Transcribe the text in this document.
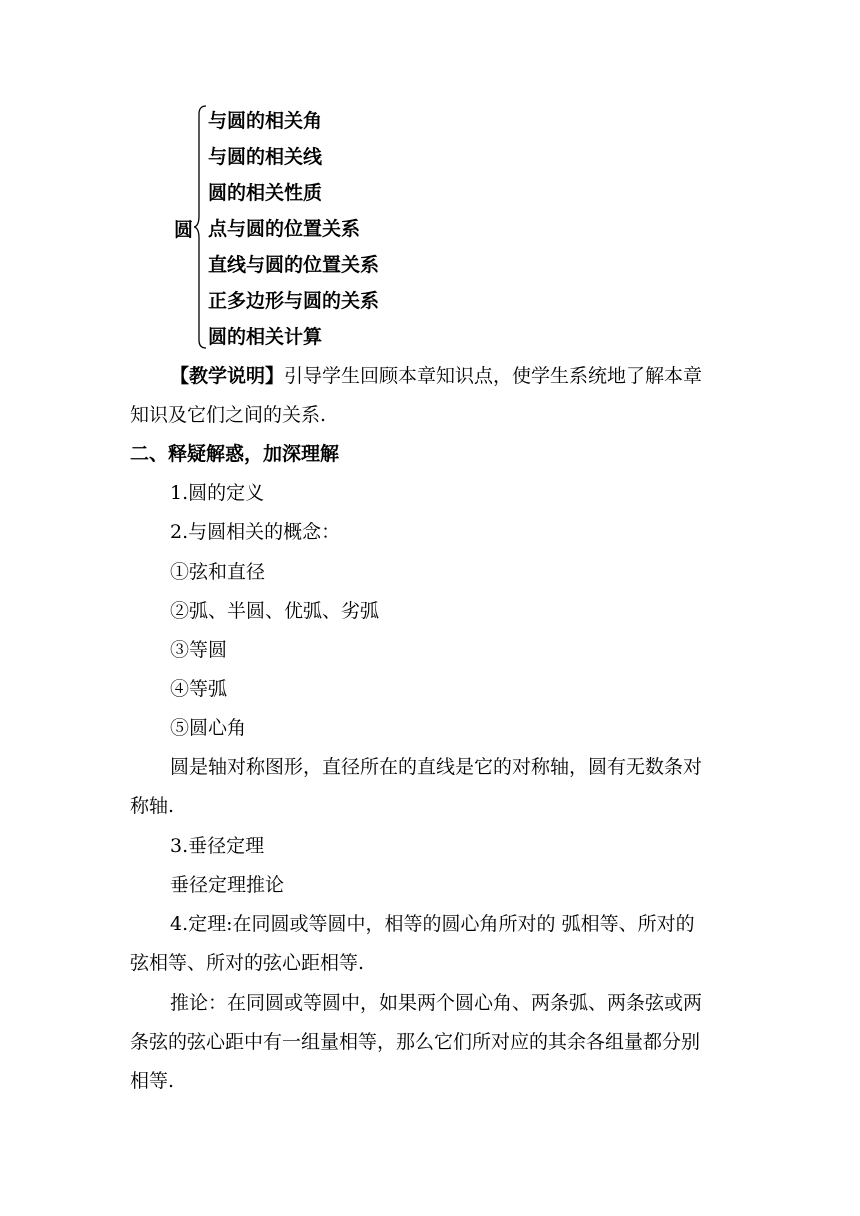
圆
与圆的相关角
与圆的相关线
圆的相关性质
点与圆的位置关系
直线与圆的位置关系
正多边形与圆的关系
圆的相关计算
【教学说明】引导学生回顾本章知识点，使学生系统地了解本章
知识及它们之间的关系.
二、释疑解惑，加深理解
1.圆的定义
2.与圆相关的概念：
①弦和直径
②弧、半圆、优弧、劣弧
③等圆
④等弧
⑤圆心角
圆是轴对称图形，直径所在的直线是它的对称轴，圆有无数条对
称轴.
3.垂径定理
垂径定理推论
4.定理:在同圆或等圆中，相等的圆心角所对的 弧相等、所对的
弦相等、所对的弦心距相等.
推论：在同圆或等圆中，如果两个圆心角、两条弧、两条弦或两
条弦的弦心距中有一组量相等，那么它们所对应的其余各组量都分别
相等.
